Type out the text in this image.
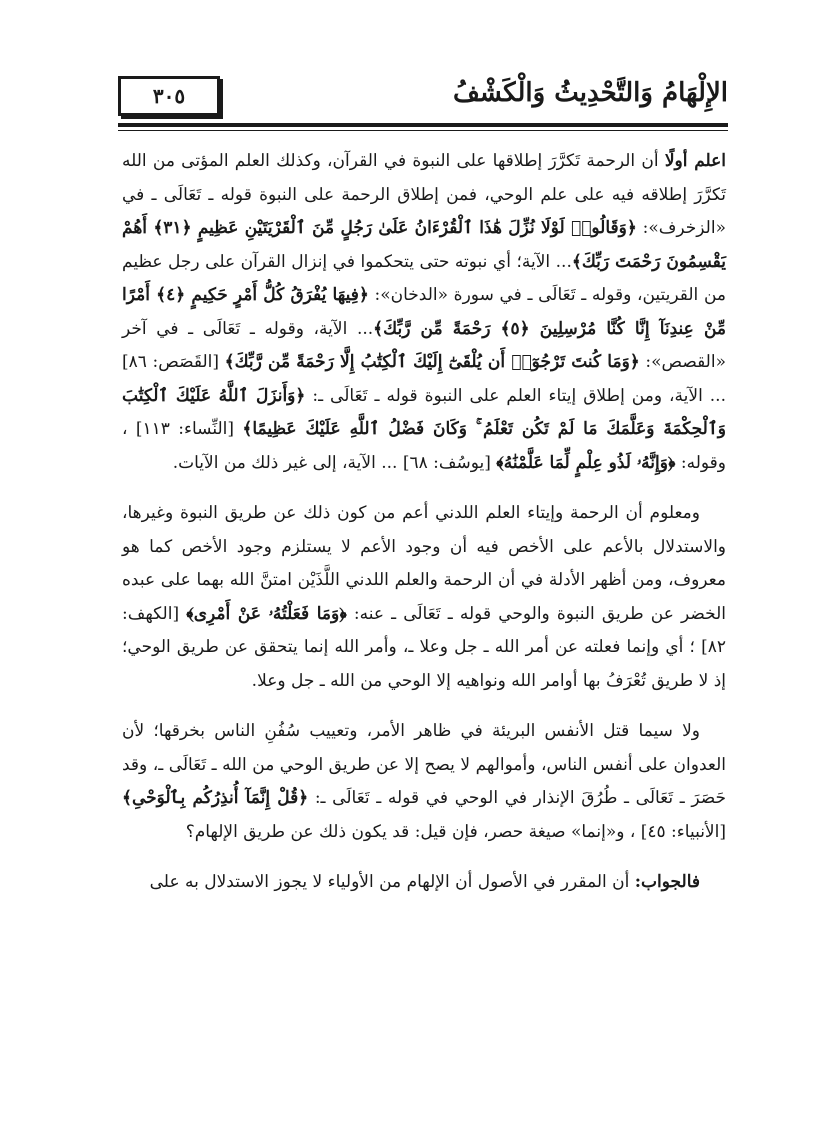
الإِلْهَامُ وَالتَّحْدِيثُ وَالْكَشْفُ
٣٠٥

اعلم أولًا أن الرحمة تَكرَّرَ إطلاقها على النبوة في القرآن، وكذلك العلم المؤتى من الله تَكرَّرَ إطلاقه فيه على علم الوحي، فمن إطلاق الرحمة على النبوة قوله ـ تَعَالَى ـ في «الزخرف»: ﴿وَقَالُوا۟ لَوْلَا نُزِّلَ هَٰذَا ٱلْقُرْءَانُ عَلَىٰ رَجُلٍ مِّنَ ٱلْقَرْيَتَيْنِ عَظِيمٍ ﴿٣١﴾ أَهُمْ يَقْسِمُونَ رَحْمَتَ رَبِّكَ﴾... الآية؛ أي نبوته حتى يتحكموا في إنزال القرآن على رجل عظيم من القريتين، وقوله ـ تَعَالَى ـ في سورة «الدخان»: ﴿فِيهَا يُفْرَقُ كُلُّ أَمْرٍ حَكِيمٍ ﴿٤﴾ أَمْرًا مِّنْ عِندِنَآ إِنَّا كُنَّا مُرْسِلِينَ ﴿٥﴾ رَحْمَةً مِّن رَّبِّكَ﴾... الآية، وقوله ـ تَعَالَى ـ في آخر «القصص»: ﴿وَمَا كُنتَ تَرْجُوٓا۟ أَن يُلْقَىٰٓ إِلَيْكَ ٱلْكِتَٰبُ إِلَّا رَحْمَةً مِّن رَّبِّكَ﴾ [القَصَص: ٨٦] ... الآية، ومن إطلاق إيتاء العلم على النبوة قوله ـ تَعَالَى ـ: ﴿وَأَنزَلَ ٱللَّهُ عَلَيْكَ ٱلْكِتَٰبَ وَٱلْحِكْمَةَ وَعَلَّمَكَ مَا لَمْ تَكُن تَعْلَمُ ۚ وَكَانَ فَضْلُ ٱللَّهِ عَلَيْكَ عَظِيمًا﴾ [النِّساء: ١١٣] ، وقوله: ﴿وَإِنَّهُۥ لَذُو عِلْمٍ لِّمَا عَلَّمْنَٰهُ﴾ [يوسُف: ٦٨] ... الآية، إلى غير ذلك من الآيات.

ومعلوم أن الرحمة وإيتاء العلم اللدني أعم من كون ذلك عن طريق النبوة وغيرها، والاستدلال بالأعم على الأخص فيه أن وجود الأعم لا يستلزم وجود الأخص كما هو معروف، ومن أظهر الأدلة في أن الرحمة والعلم اللدني اللَّذَيْن امتنَّ الله بهما على عبده الخضر عن طريق النبوة والوحي قوله ـ تَعَالَى ـ عنه: ﴿وَمَا فَعَلْتُهُۥ عَنْ أَمْرِى﴾ [الكهف: ٨٢] ؛ أي وإنما فعلته عن أمر الله ـ جل وعلا ـ، وأمر الله إنما يتحقق عن طريق الوحي؛ إذ لا طريق تُعْرَفُ بها أوامر الله ونواهيه إلا الوحي من الله ـ جل وعلا.

ولا سيما قتل الأنفس البريئة في ظاهر الأمر، وتعييب سُفُنِ الناس بخرقها؛ لأن العدوان على أنفس الناس، وأموالهم لا يصح إلا عن طريق الوحي من الله ـ تَعَالَى ـ، وقد حَصَرَ ـ تَعَالَى ـ طُرُقَ الإنذار في الوحي في قوله ـ تَعَالَى ـ: ﴿قُلْ إِنَّمَآ أُنذِرُكُم بِٱلْوَحْىِ﴾ [الأنبياء: ٤٥] ، و«إنما» صيغة حصر، فإن قيل: قد يكون ذلك عن طريق الإلهام؟

فالجواب: أن المقرر في الأصول أن الإلهام من الأولياء لا يجوز الاستدلال به على
